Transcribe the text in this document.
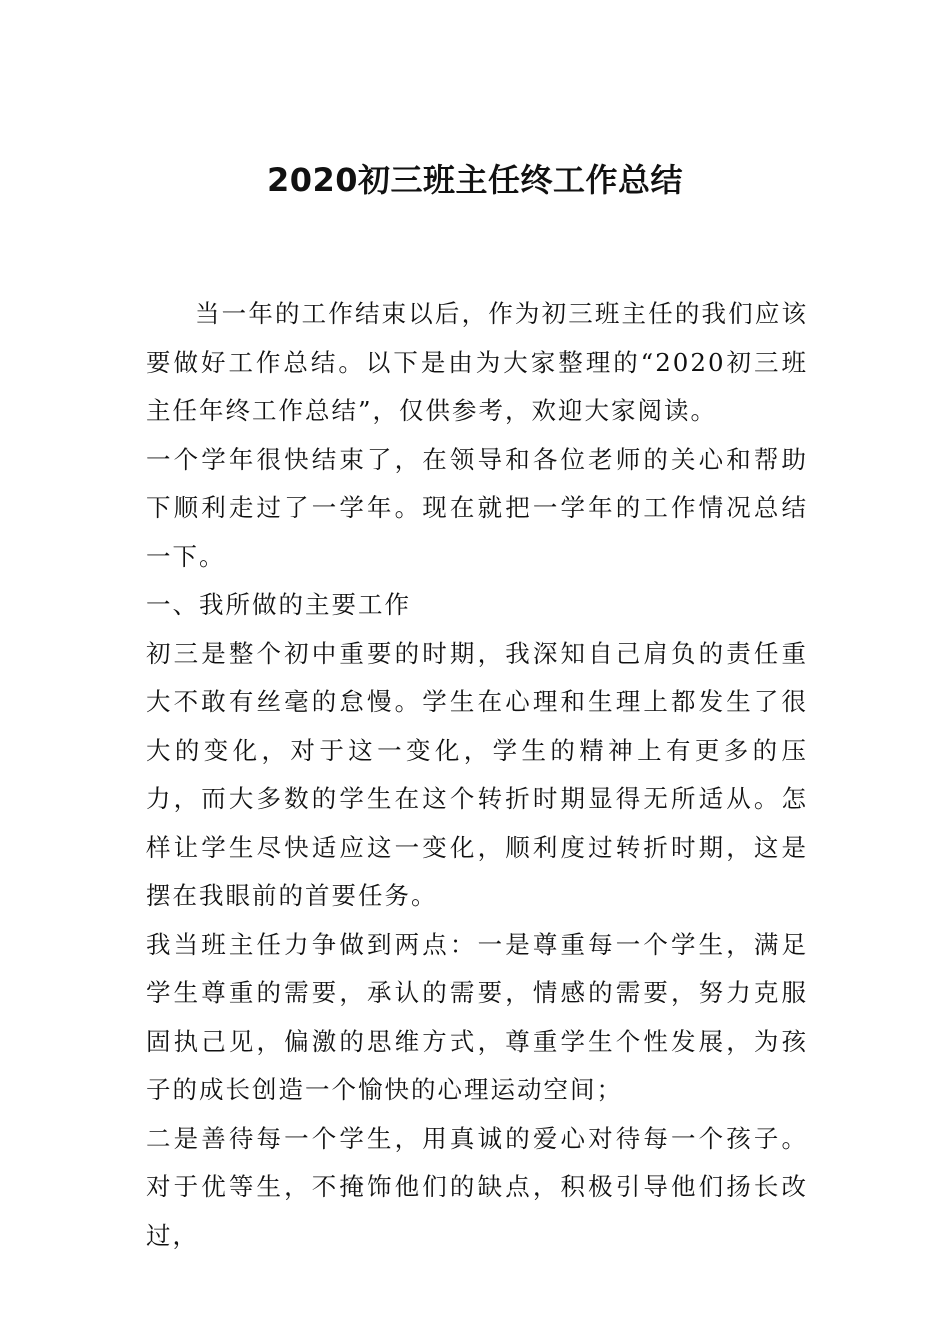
2020初三班主任终工作总结

当一年的工作结束以后，作为初三班主任的我们应该要做好工作总结。以下是由为大家整理的“2020初三班主任年终工作总结”，仅供参考，欢迎大家阅读。

一个学年很快结束了，在领导和各位老师的关心和帮助下顺利走过了一学年。现在就把一学年的工作情况总结一下。

一、我所做的主要工作

初三是整个初中重要的时期，我深知自己肩负的责任重大不敢有丝毫的怠慢。学生在心理和生理上都发生了很大的变化，对于这一变化，学生的精神上有更多的压力，而大多数的学生在这个转折时期显得无所适从。怎样让学生尽快适应这一变化，顺利度过转折时期，这是摆在我眼前的首要任务。

我当班主任力争做到两点：一是尊重每一个学生，满足学生尊重的需要，承认的需要，情感的需要，努力克服固执己见，偏激的思维方式，尊重学生个性发展，为孩子的成长创造一个愉快的心理运动空间；

二是善待每一个学生，用真诚的爱心对待每一个孩子。对于优等生，不掩饰他们的缺点，积极引导他们扬长改过，
